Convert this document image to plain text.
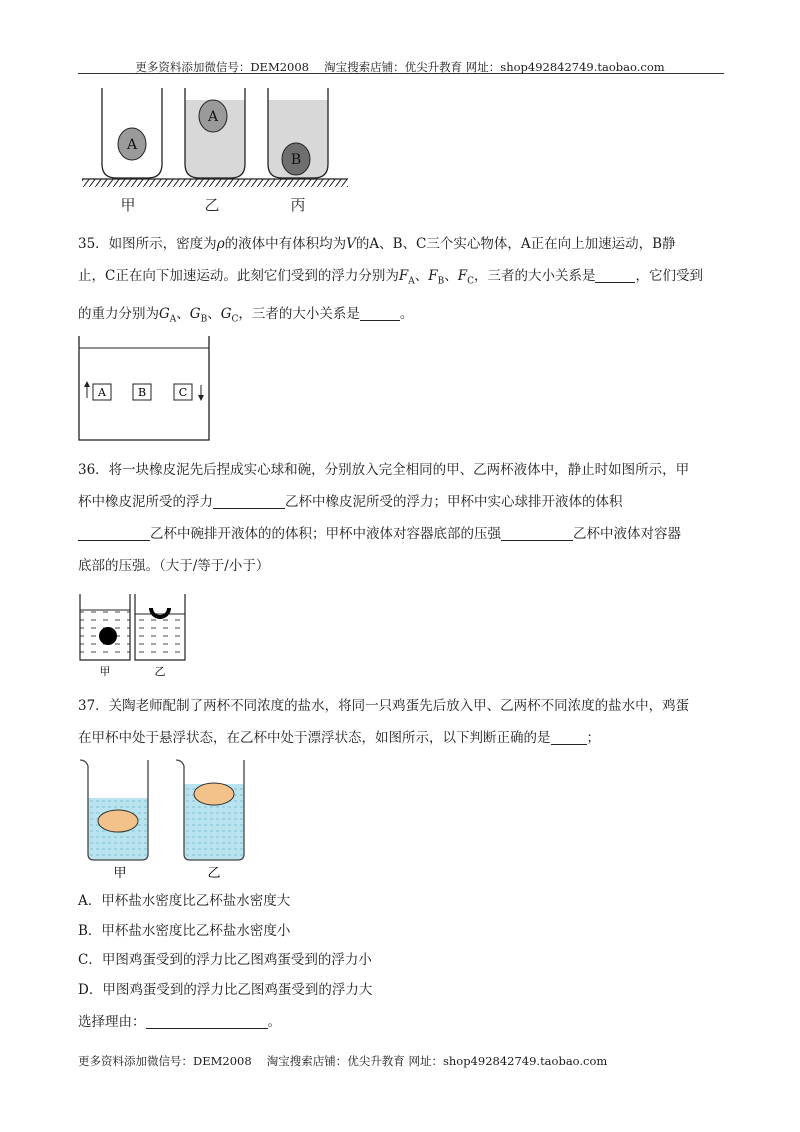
更多资料添加微信号：DEM2008　 淘宝搜索店铺：优尖升教育 网址：shop492842749.taobao.com
A
A
B
甲	乙	丙
35．如图所示，密度为ρ的液体中有体积均为V的A、B、C三个实心物体，A正在向上加速运动，B静
止，C正在向下加速运动。此刻它们受到的浮力分别为$F_A$、$F_B$、$F_C$，三者的大小关系是	，它们受到
的重力分别为$G_A$、$G_B$、$G_C$，三者的大小关系是	。
A	B	C
36．将一块橡皮泥先后捏成实心球和碗，分别放入完全相同的甲、乙两杯液体中，静止时如图所示，甲
杯中橡皮泥所受的浮力	乙杯中橡皮泥所受的浮力；甲杯中实心球排开液体的体积
乙杯中碗排开液体的的体积；甲杯中液体对容器底部的压强	乙杯中液体对容器
底部的压强。（大于/等于/小于）
甲	乙
37．关陶老师配制了两杯不同浓度的盐水，将同一只鸡蛋先后放入甲、乙两杯不同浓度的盐水中，鸡蛋
在甲杯中处于悬浮状态，在乙杯中处于漂浮状态，如图所示，以下判断正确的是	；
甲	乙
A．甲杯盐水密度比乙杯盐水密度大
B．甲杯盐水密度比乙杯盐水密度小
C．甲图鸡蛋受到的浮力比乙图鸡蛋受到的浮力小
D．甲图鸡蛋受到的浮力比乙图鸡蛋受到的浮力大
选择理由：	。
更多资料添加微信号：DEM2008　 淘宝搜索店铺：优尖升教育 网址：shop492842749.taobao.com
